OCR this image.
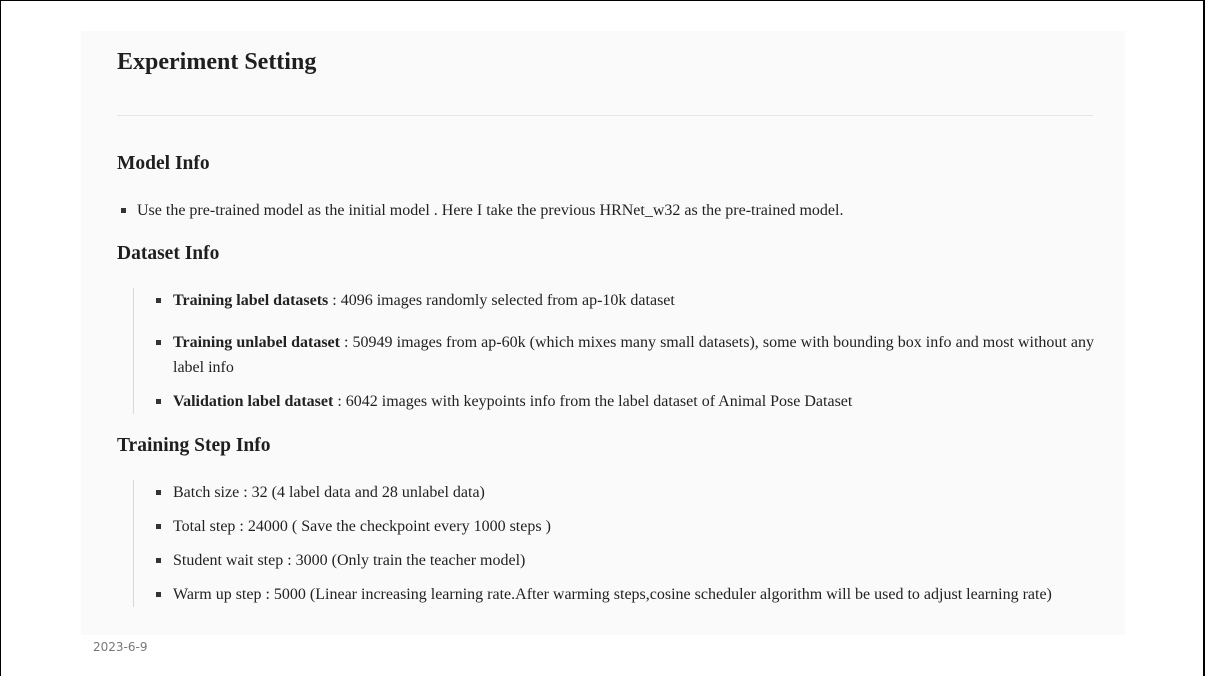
Experiment Setting
Model Info
Use the pre-trained model as the initial model . Here I take the previous HRNet_w32 as the pre-trained model.
Dataset Info
Training label datasets : 4096 images randomly selected from ap-10k dataset
Training unlabel dataset : 50949 images from ap-60k (which mixes many small datasets), some with bounding box info and most without any label info
Validation label dataset : 6042 images with keypoints info from the label dataset of Animal Pose Dataset
Training Step Info
Batch size : 32 (4 label data and 28 unlabel data)
Total step : 24000 ( Save the checkpoint every 1000 steps )
Student wait step : 3000 (Only train the teacher model)
Warm up step : 5000 (Linear increasing learning rate.After warming steps,cosine scheduler algorithm will be used to adjust learning rate)
2023-6-9
